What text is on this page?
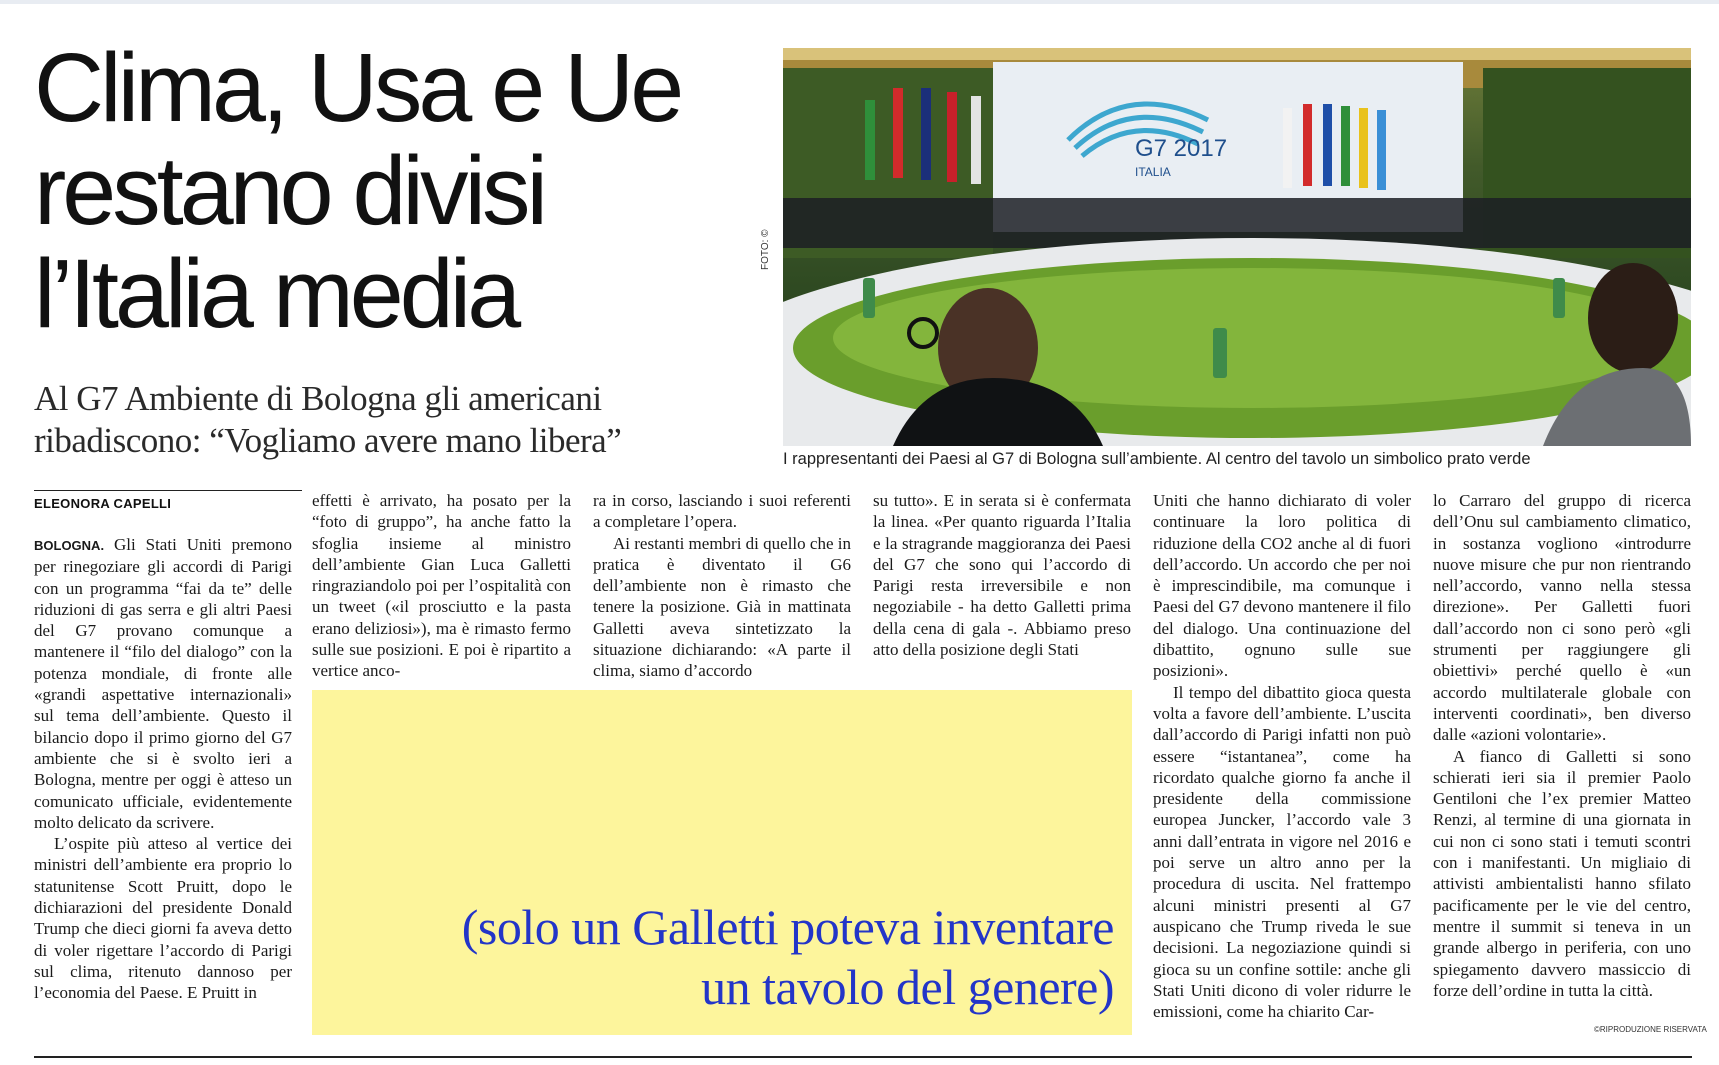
Clima, Usa e Ue
restano divisi
l’Italia media
Al G7 Ambiente di Bologna gli americani
ribadiscono: “Vogliamo avere mano libera”
FOTO: ©
G7 2017
ITALIA
I rappresentanti dei Paesi al G7 di Bologna sull’ambiente. Al centro del tavolo un simbolico prato verde
ELEONORA CAPELLI

BOLOGNA. Gli Stati Uniti premono per rinegoziare gli accordi di Parigi con un programma “fai da te” delle riduzioni di gas serra e gli altri Paesi del G7 provano comunque a mantenere il “filo del dialogo” con la potenza mondiale, di fronte alle «grandi aspettative internazionali» sul tema dell’ambiente. Questo il bilancio dopo il primo giorno del G7 ambiente che si è svolto ieri a Bologna, mentre per oggi è atteso un comunicato ufficiale, evidentemente molto delicato da scrivere.

L’ospite più atteso al vertice dei ministri dell’ambiente era proprio lo statunitense Scott Pruitt, dopo le dichiarazioni del presidente Donald Trump che dieci giorni fa aveva detto di voler rigettare l’accordo di Parigi sul clima, ritenuto dannoso per l’economia del Paese. E Pruitt in

effetti è arrivato, ha posato per la “foto di gruppo”, ha anche fatto la sfoglia insieme al ministro dell’ambiente Gian Luca Galletti ringraziandolo poi per l’ospitalità con un tweet («il prosciutto e la pasta erano deliziosi»), ma è rimasto fermo sulle sue posizioni. E poi è ripartito a vertice anco-

ra in corso, lasciando i suoi referenti a completare l’opera.

Ai restanti membri di quello che in pratica è diventato il G6 dell’ambiente non è rimasto che tenere la posizione. Già in mattinata Galletti aveva sintetizzato la situazione dichiarando: «A parte il clima, siamo d’accordo

su tutto». E in serata si è confermata la linea. «Per quanto riguarda l’Italia e la stragrande maggioranza dei Paesi del G7 che sono qui l’accordo di Parigi resta irreversibile e non negoziabile - ha detto Galletti prima della cena di gala -. Abbiamo preso atto della posizione degli Stati

Uniti che hanno dichiarato di voler continuare la loro politica di riduzione della CO2 anche al di fuori dell’accordo. Un accordo che per noi è imprescindibile, ma comunque i Paesi del G7 devono mantenere il filo del dialogo. Una continuazione del dibattito, ognuno sulle sue posizioni».

Il tempo del dibattito gioca questa volta a favore dell’ambiente. L’uscita dall’accordo di Parigi infatti non può essere “istantanea”, come ha ricordato qualche giorno fa anche il presidente della commissione europea Juncker, l’accordo vale 3 anni dall’entrata in vigore nel 2016 e poi serve un altro anno per la procedura di uscita. Nel frattempo alcuni ministri presenti al G7 auspicano che Trump riveda le sue decisioni. La negoziazione quindi si gioca su un confine sottile: anche gli Stati Uniti dicono di voler ridurre le emissioni, come ha chiarito Car-

lo Carraro del gruppo di ricerca dell’Onu sul cambiamento climatico, in sostanza vogliono «introdurre nuove misure che pur non rientrando nell’accordo, vanno nella stessa direzione». Per Galletti fuori dall’accordo non ci sono però «gli strumenti per raggiungere gli obiettivi» perché quello è «un accordo multilaterale globale con interventi coordinati», ben diverso dalle «azioni volontarie».

A fianco di Galletti si sono schierati ieri sia il premier Paolo Gentiloni che l’ex premier Matteo Renzi, al termine di una giornata in cui non ci sono stati i temuti scontri con i manifestanti. Un migliaio di attivisti ambientalisti hanno sfilato pacificamente per le vie del centro, mentre il summit si teneva in un grande albergo in periferia, con uno spiegamento davvero massiccio di forze dell’ordine in tutta la città.

(solo un Galletti poteva inventare
un tavolo del genere)

©RIPRODUZIONE RISERVATA
